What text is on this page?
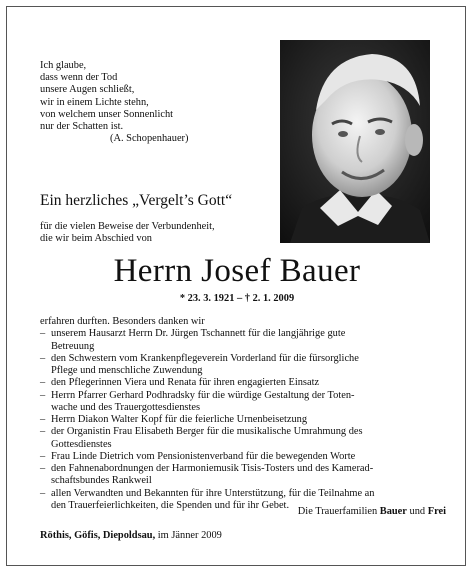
Ich glaube,
dass wenn der Tod
unsere Augen schließt,
wir in einem Lichte stehn,
von welchem unser Sonnenlicht
nur der Schatten ist.
(A. Schopenhauer)
Ein herzliches „Vergelt’s Gott“
für die vielen Beweise der Verbundenheit,
die wir beim Abschied von
Herrn Josef Bauer
* 23. 3. 1921 – † 2. 1. 2009
erfahren durften. Besonders danken wir
– unserem Hausarzt Herrn Dr. Jürgen Tschannett für die langjährige gute
Betreuung
– den Schwestern vom Krankenpflegeverein Vorderland für die fürsorgliche
Pflege und menschliche Zuwendung
– den Pflegerinnen Viera und Renata für ihren engagierten Einsatz
– Herrn Pfarrer Gerhard Podhradsky für die würdige Gestaltung der Toten-
wache und des Trauergottesdienstes
– Herrn Diakon Walter Kopf für die feierliche Urnenbeisetzung
– der Organistin Frau Elisabeth Berger für die musikalische Umrahmung des
Gottesdienstes
– Frau Linde Dietrich vom Pensionistenverband für die bewegenden Worte
– den Fahnenabordnungen der Harmoniemusik Tisis-Tosters und des Kamerad-
schaftsbundes Rankweil
– allen Verwandten und Bekannten für ihre Unterstützung, für die Teilnahme an
den Trauerfeierlichkeiten, die Spenden und für ihr Gebet.
Die Trauerfamilien Bauer und Frei
Röthis, Göfis, Diepoldsau, im Jänner 2009
